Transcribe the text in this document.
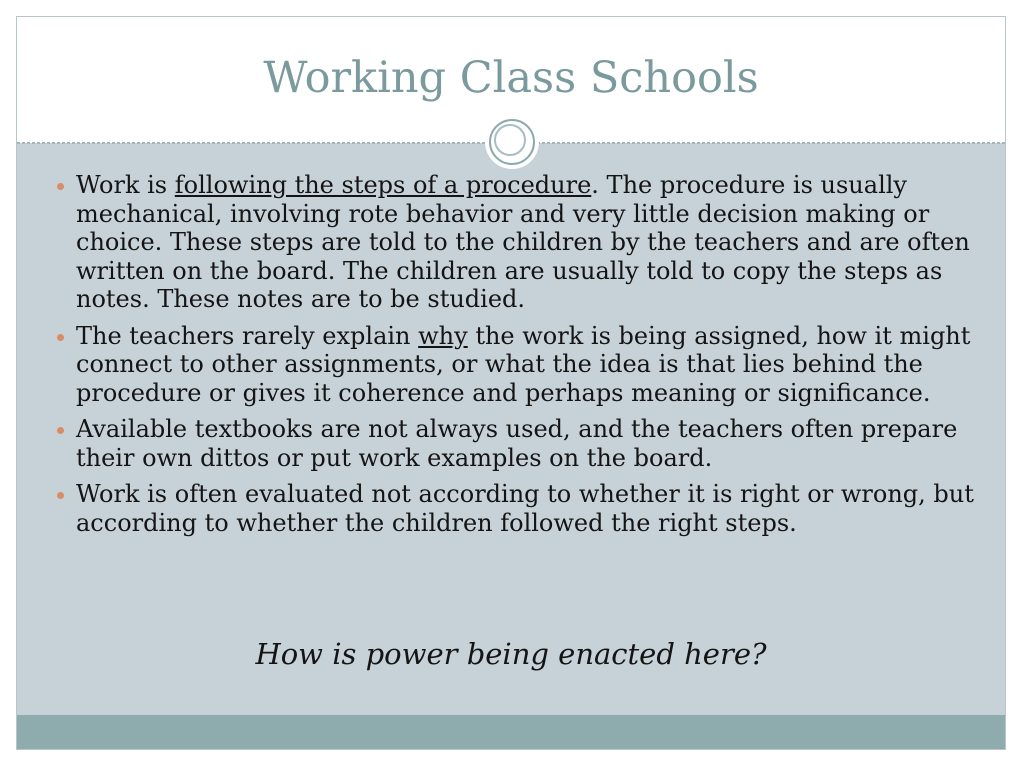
Working Class Schools
Work is following the steps of a procedure. The procedure is usually mechanical, involving rote behavior and very little decision making or choice. These steps are told to the children by the teachers and are often written on the board. The children are usually told to copy the steps as notes. These notes are to be studied.
The teachers rarely explain why the work is being assigned, how it might connect to other assignments, or what the idea is that lies behind the procedure or gives it coherence and perhaps meaning or significance.
Available textbooks are not always used, and the teachers often prepare their own dittos or put work examples on the board.
Work is often evaluated not according to whether it is right or wrong, but according to whether the children followed the right steps.
How is power being enacted here?
